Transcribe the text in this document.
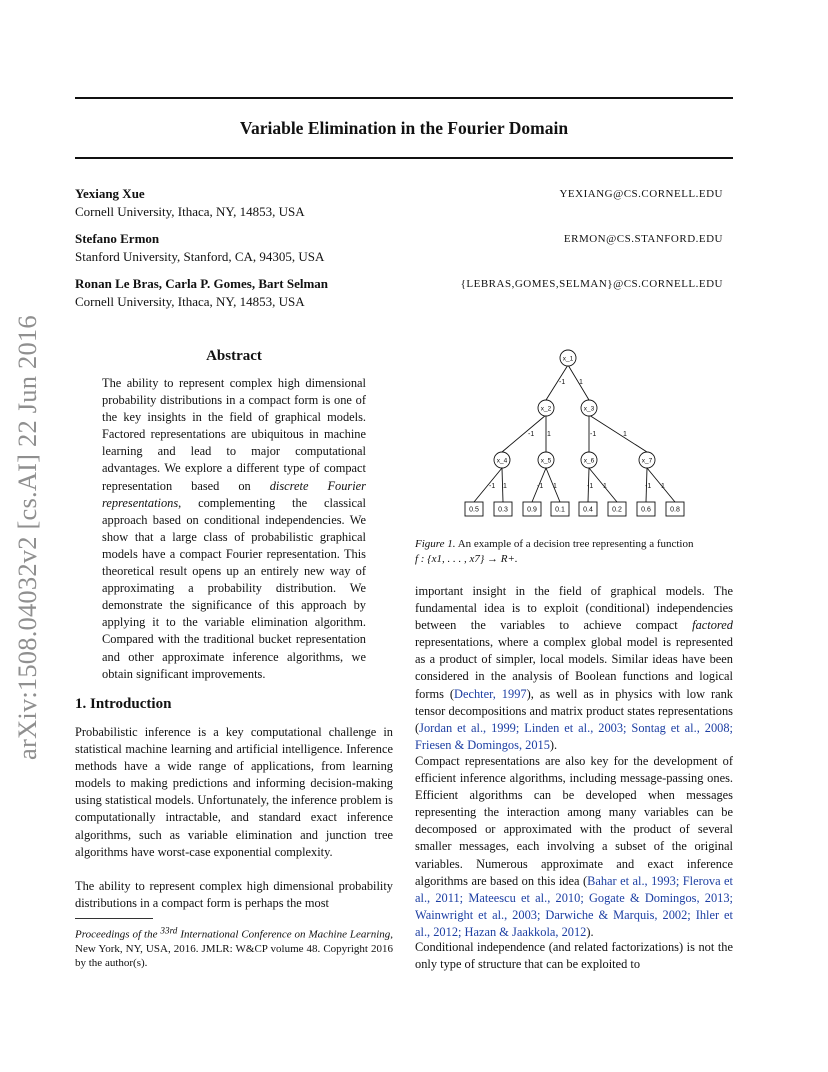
Variable Elimination in the Fourier Domain
Yexiang Xue
Cornell University, Ithaca, NY, 14853, USA
YEXIANG@CS.CORNELL.EDU
Stefano Ermon
Stanford University, Stanford, CA, 94305, USA
ERMON@CS.STANFORD.EDU
Ronan Le Bras, Carla P. Gomes, Bart Selman
Cornell University, Ithaca, NY, 14853, USA
{LEBRAS,GOMES,SELMAN}@CS.CORNELL.EDU
arXiv:1508.04032v2 [cs.AI] 22 Jun 2016	Abstract
The ability to represent complex high dimensional probability distributions in a compact form is one of the key insights in the field of graphical models. Factored representations are ubiquitous in machine learning and lead to major computational advantages. We explore a different type of compact representation based on discrete Fourier representations, complementing the classical approach based on conditional independencies. We show that a large class of probabilistic graphical models have a compact Fourier representation. This theoretical result opens up an entirely new way of approximating a probability distribution. We demonstrate the significance of this approach by applying it to the variable elimination algorithm. Compared with the traditional bucket representation and other approximate inference algorithms, we obtain significant improvements.
1. Introduction
Probabilistic inference is a key computational challenge in statistical machine learning and artificial intelligence. Inference methods have a wide range of applications, from learning models to making predictions and informing decision-making using statistical models. Unfortunately, the inference problem is computationally intractable, and standard exact inference algorithms, such as variable elimination and junction tree algorithms have worst-case exponential complexity.
The ability to represent complex high dimensional probability distributions in a compact form is perhaps the most
Proceedings of the $^{33rd}$ International Conference on Machine Learning, New York, NY, USA, 2016. JMLR: W&CP volume 48. Copyright 2016 by the author(s).
x_1
x_2	x_3
x_4	x_5	x_6	x_7
-1 1
-1 1	-1	1
-1 1	-1 1	-1 1	-1 1
0.5	0.3	0.9	0.1	0.4	0.2	0.6	0.8
Figure 1. An example of a decision tree representing a function
f : {x1, . . . , x7} → R+.
important insight in the field of graphical models. The fundamental idea is to exploit (conditional) independencies between the variables to achieve compact factored representations, where a complex global model is represented as a product of simpler, local models. Similar ideas have been considered in the analysis of Boolean functions and logical forms (Dechter, 1997), as well as in physics with low rank tensor decompositions and matrix product states representations (Jordan et al., 1999; Linden et al., 2003; Sontag et al., 2008; Friesen & Domingos, 2015).
Compact representations are also key for the development of efficient inference algorithms, including message-passing ones. Efficient algorithms can be developed when messages representing the interaction among many variables can be decomposed or approximated with the product of several smaller messages, each involving a subset of the original variables. Numerous approximate and exact inference algorithms are based on this idea (Bahar et al., 1993; Flerova et al., 2011; Mateescu et al., 2010; Gogate & Domingos, 2013; Wainwright et al., 2003; Darwiche & Marquis, 2002; Ihler et al., 2012; Hazan & Jaakkola, 2012).
Conditional independence (and related factorizations) is not the only type of structure that can be exploited to
